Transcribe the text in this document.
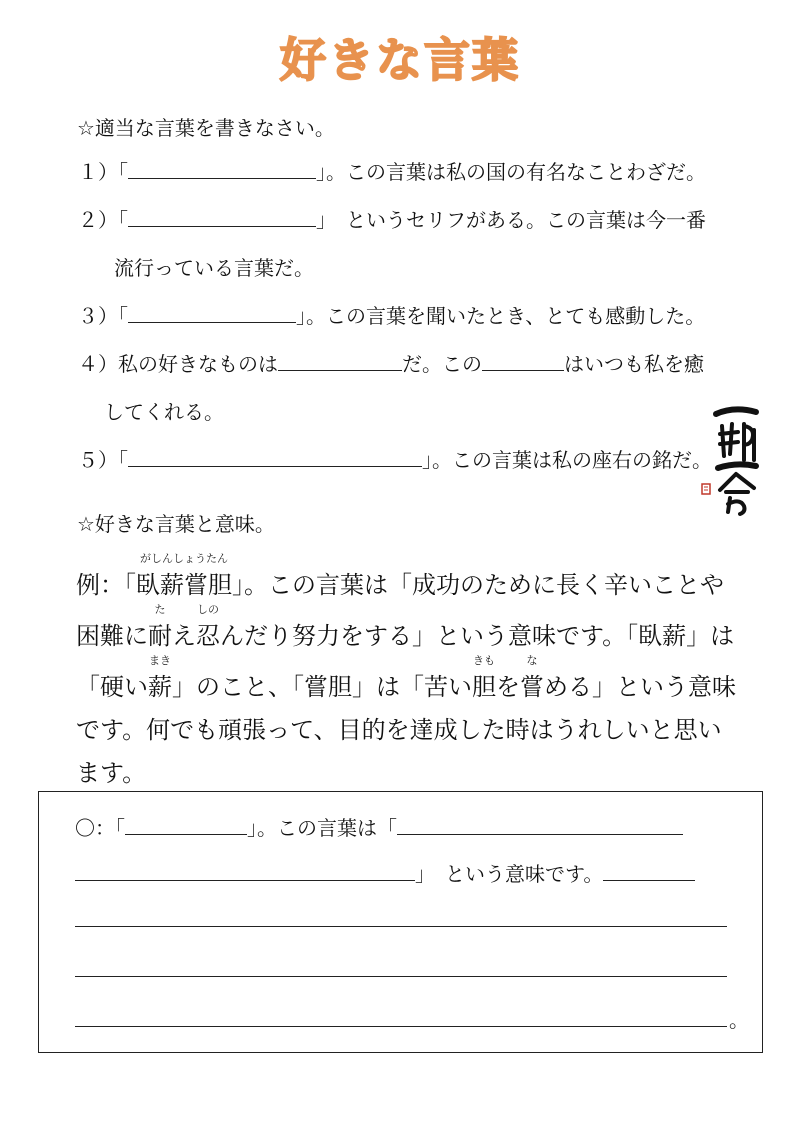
好きな言葉
☆適当な言葉を書きなさい。
１）「	」。この言葉は私の国の有名なことわざだ。
２）「	」 というセリフがある。この言葉は今一番
流行っている言葉だ。
３）「	」。この言葉を聞いたとき、とても感動した。
４）私の好きなものは	だ。この	はいつも私を癒
してくれる。
５）「	」。この言葉は私の座右の銘だ。
☆好きな言葉と意味。
例：「
がしんしょうたん
臥薪嘗胆」。この言葉は「成功のために長く辛いことや
困難に
た
耐え
しの
忍んだり努力をする」という意味です。「臥薪」は
「硬い
まき
薪」のこと、「嘗胆」は「苦い
きも
胆を
な
嘗める」という意味
です。何でも頑張って、目的を達成した時はうれしいと思い
ます。
〇：「	」。この言葉は「
」 という意味です。
。
